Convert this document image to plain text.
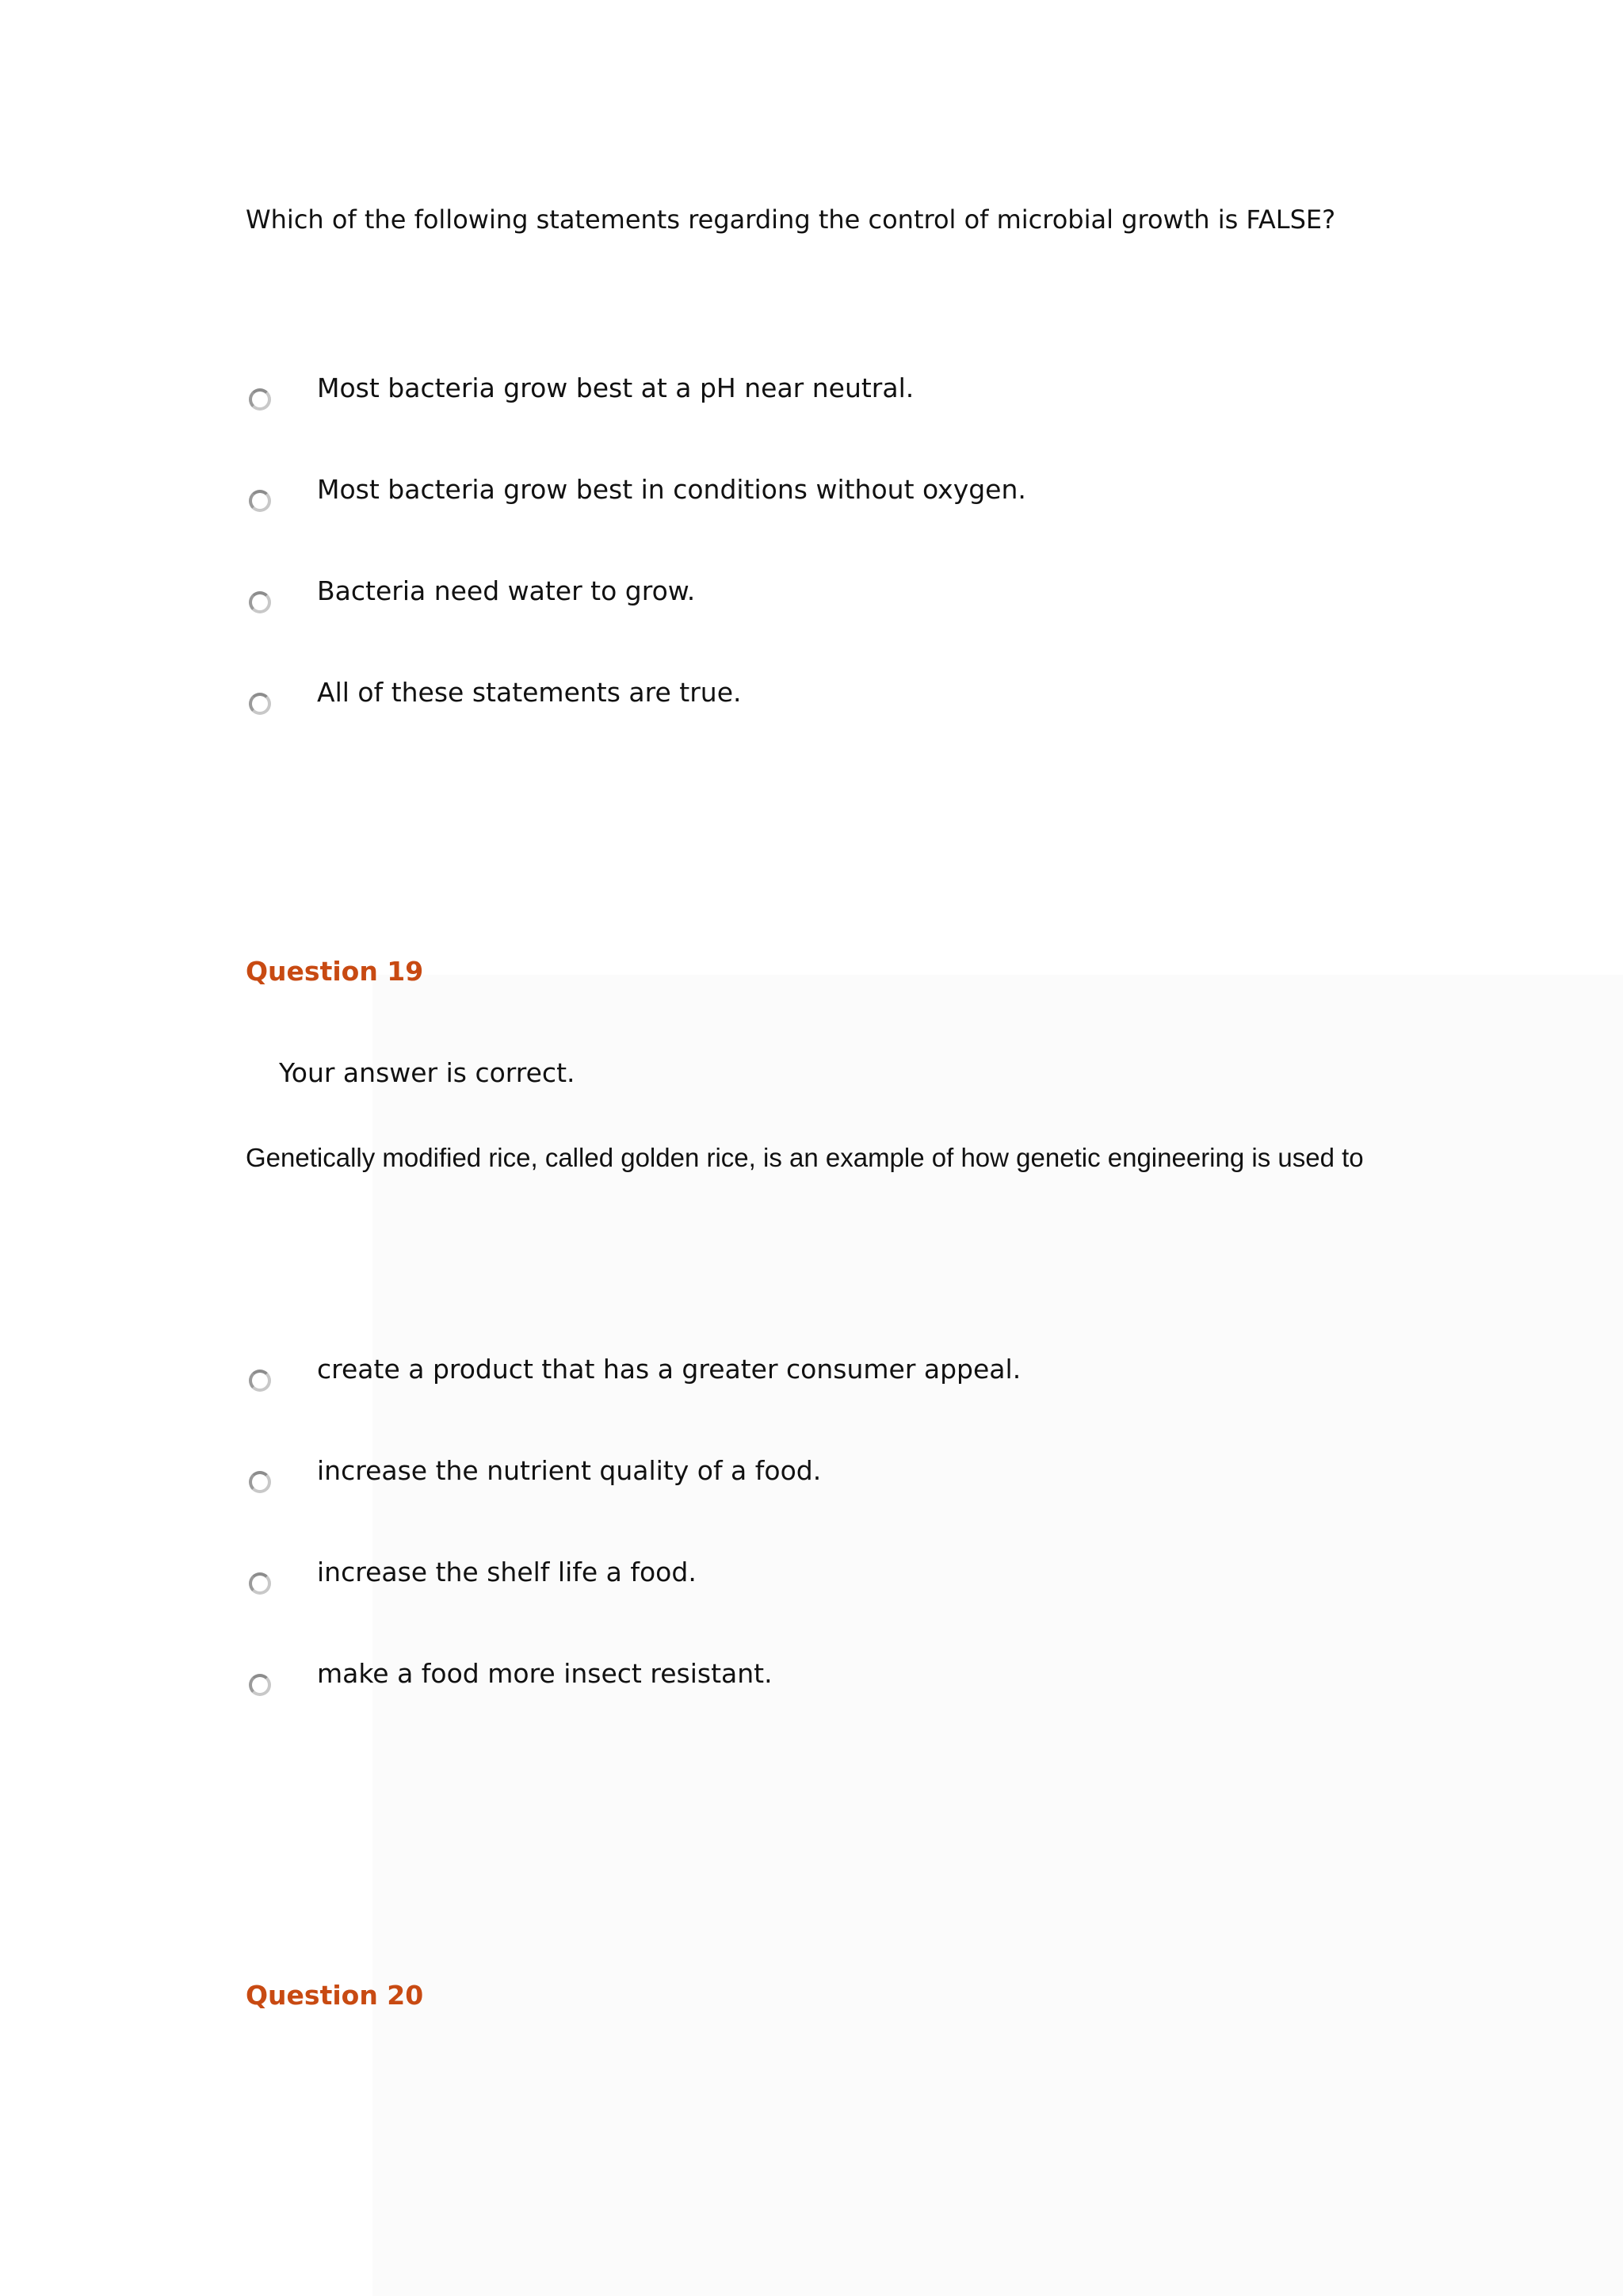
Which of the following statements regarding the control of microbial growth is FALSE?

Most bacteria grow best at a pH near neutral.
Most bacteria grow best in conditions without oxygen.
Bacteria need water to grow.
All of these statements are true.
Question 19

Your answer is correct.

Genetically modified rice, called golden rice, is an example of how genetic engineering is used to

create a product that has a greater consumer appeal.
increase the nutrient quality of a food.
increase the shelf life a food.
make a food more insect resistant.
Question 20
